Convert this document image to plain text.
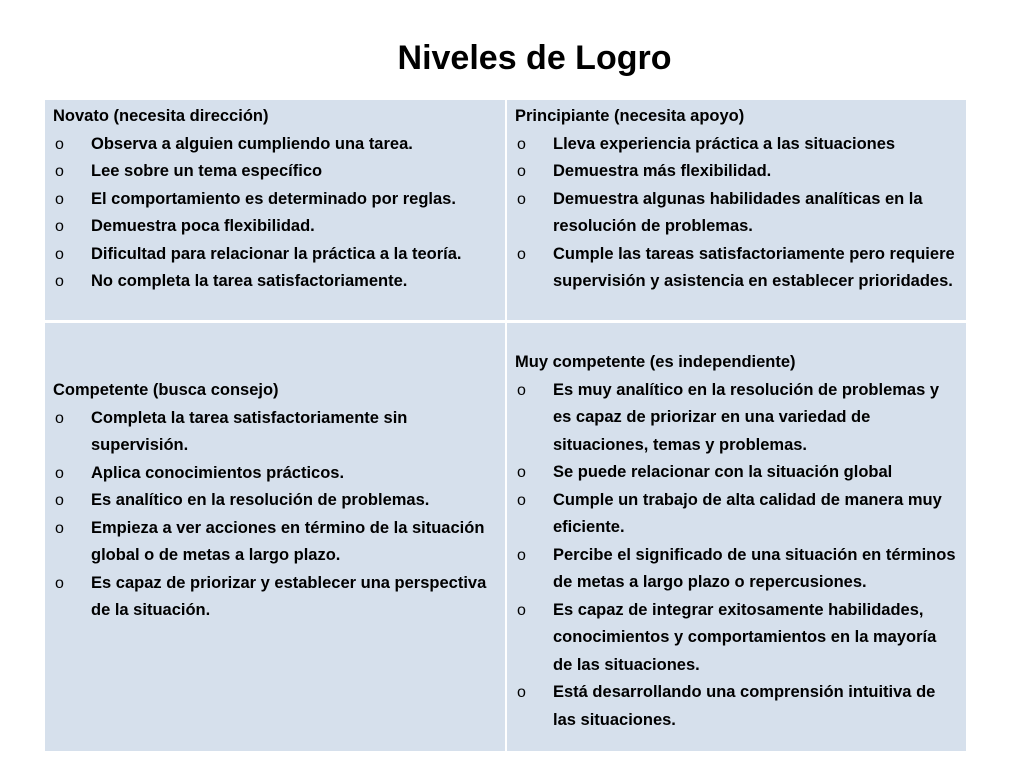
Niveles de Logro
Novato (necesita dirección)
o Observa a alguien cumpliendo una tarea.
o Lee sobre un tema específico
o El comportamiento es determinado por reglas.
o Demuestra poca flexibilidad.
o Dificultad para relacionar la práctica a la teoría.
o No completa la tarea satisfactoriamente.
Principiante (necesita apoyo)
o Lleva experiencia práctica a las situaciones
o Demuestra más flexibilidad.
o Demuestra algunas habilidades analíticas en la resolución de problemas.
o Cumple las tareas satisfactoriamente pero requiere supervisión y asistencia en establecer prioridades.
Competente (busca consejo)
o Completa la tarea satisfactoriamente sin supervisión.
o Aplica conocimientos prácticos.
o Es analítico en la resolución de problemas.
o Empieza a ver acciones en término de la situación global o de metas a largo plazo.
o Es capaz de priorizar y establecer una perspectiva de la situación.
Muy competente (es independiente)
o Es muy analítico en la resolución de problemas y es capaz de priorizar en una variedad de situaciones, temas y problemas.
o Se puede relacionar con la situación global
o Cumple un trabajo de alta calidad de manera muy eficiente.
o Percibe el significado de una situación en términos de metas a largo plazo o repercusiones.
o Es capaz de integrar exitosamente habilidades, conocimientos y comportamientos en la mayoría de las situaciones.
o Está desarrollando una comprensión intuitiva de las situaciones.
